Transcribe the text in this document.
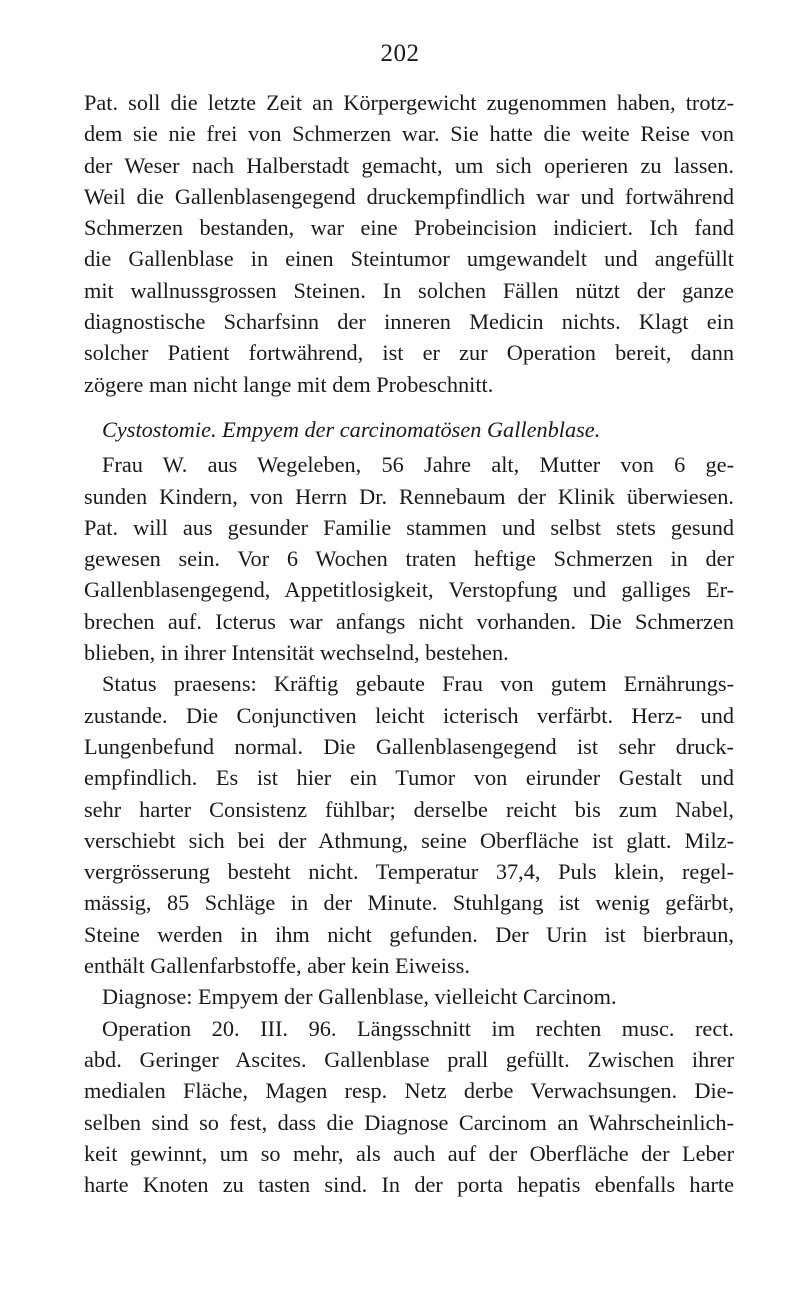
202
Pat. soll die letzte Zeit an Körpergewicht zugenommen haben, trotz-
dem sie nie frei von Schmerzen war. Sie hatte die weite Reise von
der Weser nach Halberstadt gemacht, um sich operieren zu lassen.
Weil die Gallenblasengegend druckempfindlich war und fortwährend
Schmerzen bestanden, war eine Probeincision indiciert. Ich fand
die Gallenblase in einen Steintumor umgewandelt und angefüllt
mit wallnussgrossen Steinen. In solchen Fällen nützt der ganze
diagnostische Scharfsinn der inneren Medicin nichts. Klagt ein
solcher Patient fortwährend, ist er zur Operation bereit, dann
zögere man nicht lange mit dem Probeschnitt.
Cystostomie. Empyem der carcinomatösen Gallenblase.
Frau W. aus Wegeleben, 56 Jahre alt, Mutter von 6 ge-
sunden Kindern, von Herrn Dr. Rennebaum der Klinik überwiesen.
Pat. will aus gesunder Familie stammen und selbst stets gesund
gewesen sein. Vor 6 Wochen traten heftige Schmerzen in der
Gallenblasengegend, Appetitlosigkeit, Verstopfung und galliges Er-
brechen auf. Icterus war anfangs nicht vorhanden. Die Schmerzen
blieben, in ihrer Intensität wechselnd, bestehen.
Status praesens: Kräftig gebaute Frau von gutem Ernährungs-
zustande. Die Conjunctiven leicht icterisch verfärbt. Herz- und
Lungenbefund normal. Die Gallenblasengegend ist sehr druck-
empfindlich. Es ist hier ein Tumor von eirunder Gestalt und
sehr harter Consistenz fühlbar; derselbe reicht bis zum Nabel,
verschiebt sich bei der Athmung, seine Oberfläche ist glatt. Milz-
vergrösserung besteht nicht. Temperatur 37,4, Puls klein, regel-
mässig, 85 Schläge in der Minute. Stuhlgang ist wenig gefärbt,
Steine werden in ihm nicht gefunden. Der Urin ist bierbraun,
enthält Gallenfarbstoffe, aber kein Eiweiss.
Diagnose: Empyem der Gallenblase, vielleicht Carcinom.
Operation 20. III. 96. Längsschnitt im rechten musc. rect.
abd. Geringer Ascites. Gallenblase prall gefüllt. Zwischen ihrer
medialen Fläche, Magen resp. Netz derbe Verwachsungen. Die-
selben sind so fest, dass die Diagnose Carcinom an Wahrscheinlich-
keit gewinnt, um so mehr, als auch auf der Oberfläche der Leber
harte Knoten zu tasten sind. In der porta hepatis ebenfalls harte
